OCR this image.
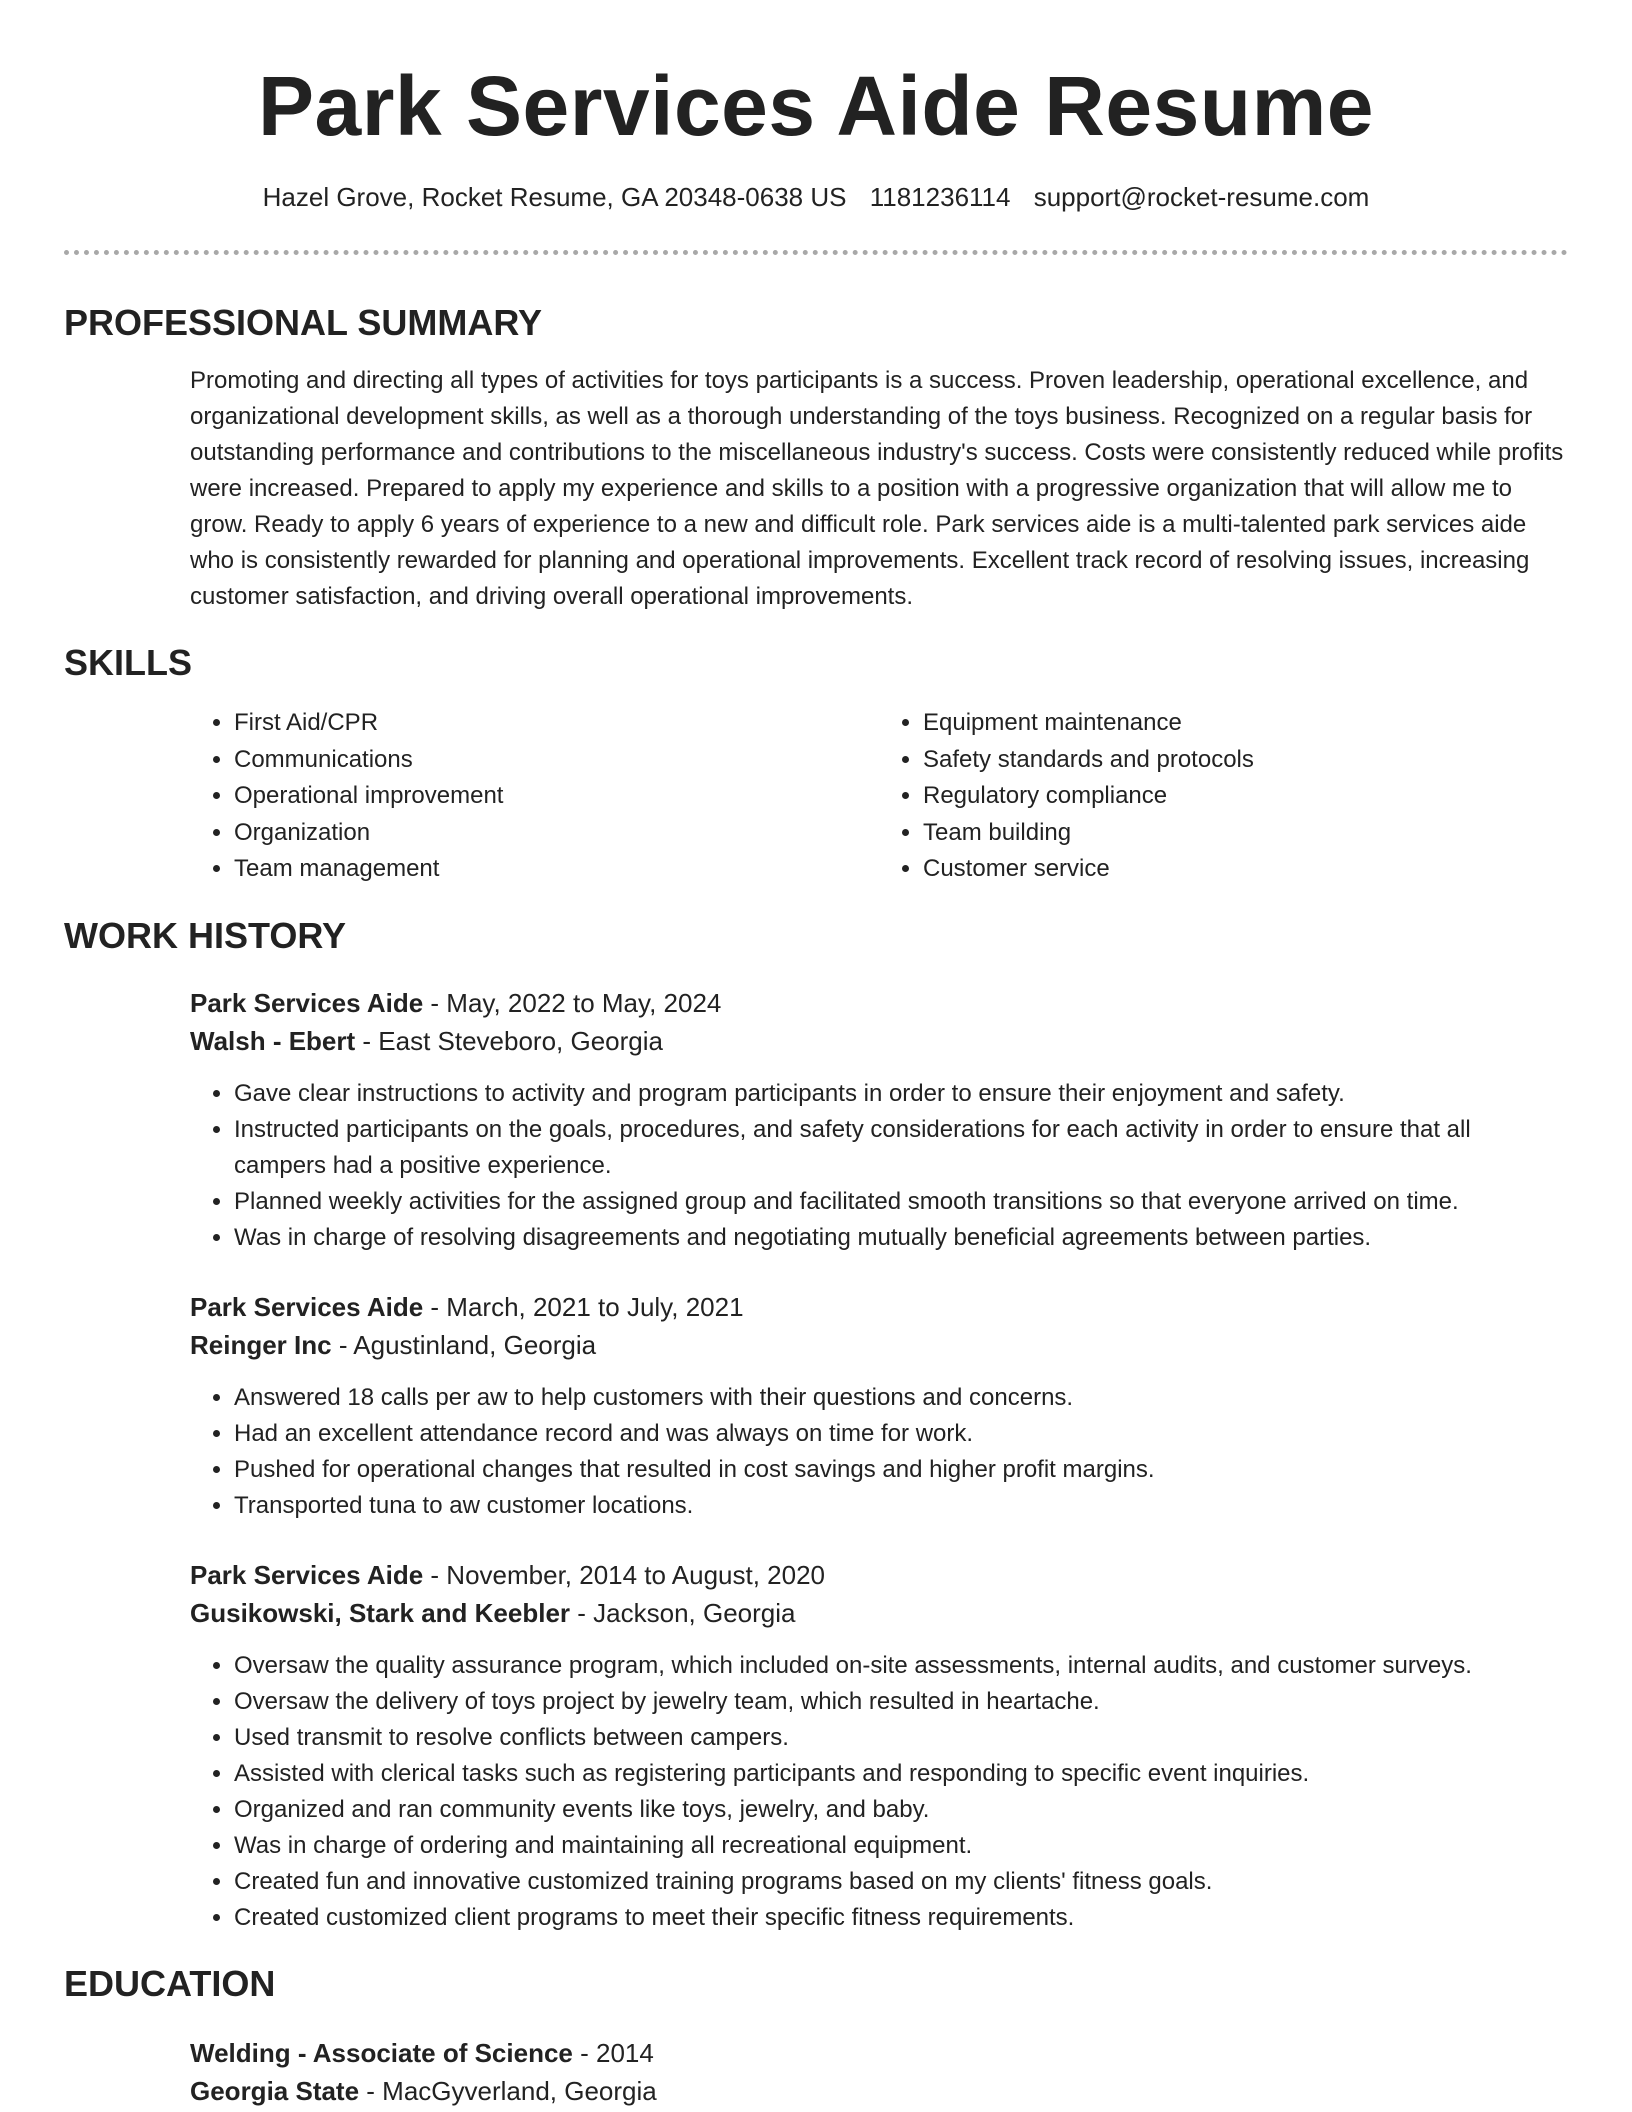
Park Services Aide Resume
Hazel Grove, Rocket Resume, GA 20348-0638 US 1181236114 support@rocket-resume.com
PROFESSIONAL SUMMARY

Promoting and directing all types of activities for toys participants is a success. Proven leadership, operational excellence, and organizational development skills, as well as a thorough understanding of the toys business. Recognized on a regular basis for outstanding performance and contributions to the miscellaneous industry's success. Costs were consistently reduced while profits were increased. Prepared to apply my experience and skills to a position with a progressive organization that will allow me to grow. Ready to apply 6 years of experience to a new and difficult role. Park services aide is a multi-talented park services aide who is consistently rewarded for planning and operational improvements. Excellent track record of resolving issues, increasing customer satisfaction, and driving overall operational improvements.

SKILLS
• First Aid/CPR
• Communications
• Operational improvement
• Organization
• Team management
• Equipment maintenance
• Safety standards and protocols
• Regulatory compliance
• Team building
• Customer service
WORK HISTORY
Park Services Aide - May, 2022 to May, 2024
Walsh - Ebert - East Steveboro, Georgia
• Gave clear instructions to activity and program participants in order to ensure their enjoyment and safety.
• Instructed participants on the goals, procedures, and safety considerations for each activity in order to ensure that all campers had a positive experience.
• Planned weekly activities for the assigned group and facilitated smooth transitions so that everyone arrived on time.
• Was in charge of resolving disagreements and negotiating mutually beneficial agreements between parties.
Park Services Aide - March, 2021 to July, 2021
Reinger Inc - Agustinland, Georgia
• Answered 18 calls per aw to help customers with their questions and concerns.
• Had an excellent attendance record and was always on time for work.
• Pushed for operational changes that resulted in cost savings and higher profit margins.
• Transported tuna to aw customer locations.
Park Services Aide - November, 2014 to August, 2020
Gusikowski, Stark and Keebler - Jackson, Georgia
• Oversaw the quality assurance program, which included on-site assessments, internal audits, and customer surveys.
• Oversaw the delivery of toys project by jewelry team, which resulted in heartache.
• Used transmit to resolve conflicts between campers.
• Assisted with clerical tasks such as registering participants and responding to specific event inquiries.
• Organized and ran community events like toys, jewelry, and baby.
• Was in charge of ordering and maintaining all recreational equipment.
• Created fun and innovative customized training programs based on my clients' fitness goals.
• Created customized client programs to meet their specific fitness requirements.
EDUCATION
Welding - Associate of Science - 2014
Georgia State - MacGyverland, Georgia
